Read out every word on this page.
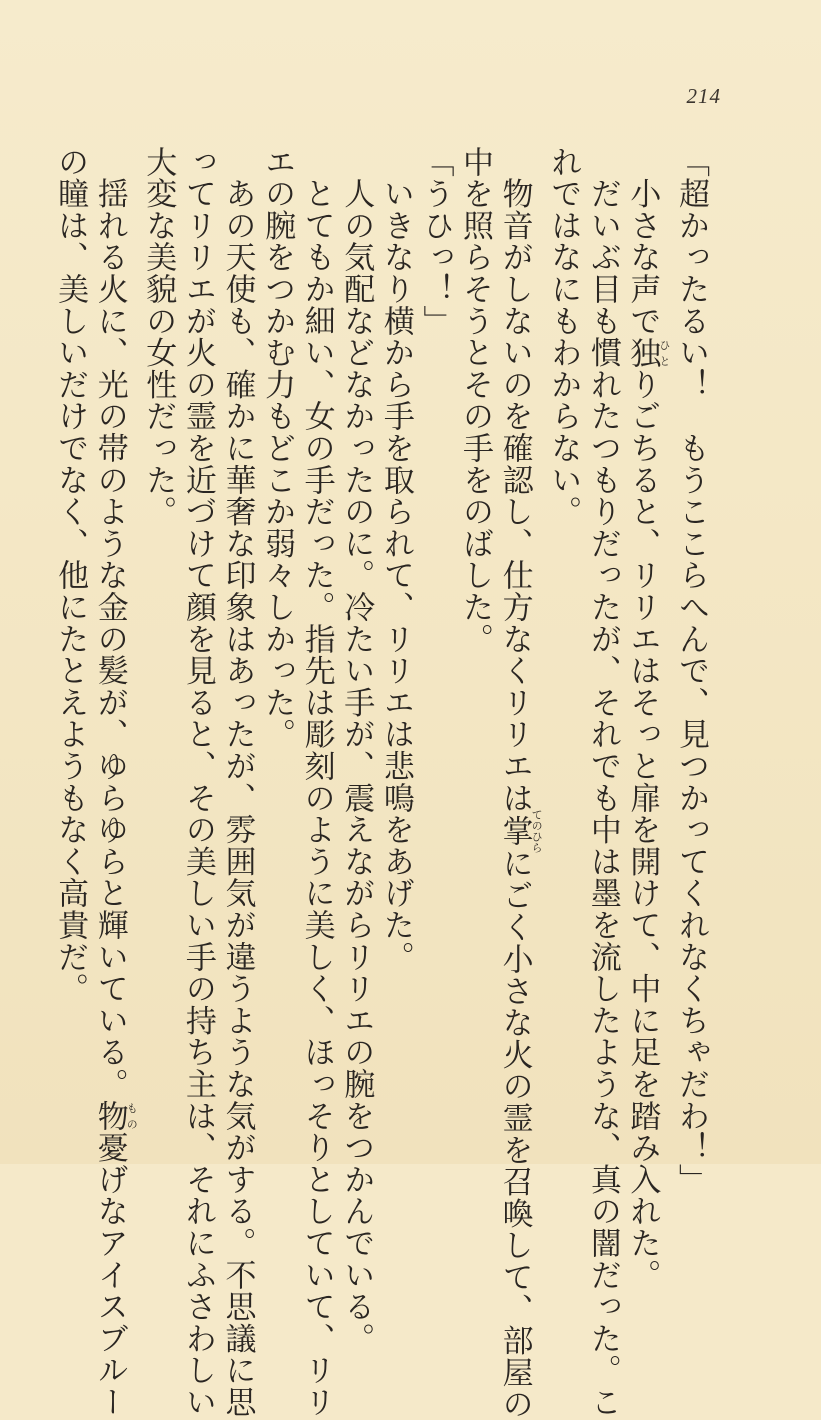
214
「超かったるい！　もうここらへんで、見つかってくれなくちゃだわ！」
　小さな声で独ひとりごちると、リリエはそっと扉を開けて、中に足を踏み入れた。
　だいぶ目も慣れたつもりだったが、それでも中は墨を流したような、真の闇だった。こ
れではなにもわからない。
　物音がしないのを確認し、仕方なくリリエは掌てのひらにごく小さな火の霊を召喚して、部屋の
中を照らそうとその手をのばした。
「うひっ！」
　いきなり横から手を取られて、リリエは悲鳴をあげた。
　人の気配などなかったのに。冷たい手が、震えながらリリエの腕をつかんでいる。
　とてもか細い、女の手だった。指先は彫刻のように美しく、ほっそりとしていて、リリ
エの腕をつかむ力もどこか弱々しかった。
　あの天使も、確かに華奢な印象はあったが、雰囲気が違うような気がする。不思議に思
ってリリエが火の霊を近づけて顔を見ると、その美しい手の持ち主は、それにふさわしい
大変な美貌の女性だった。
　揺れる火に、光の帯のような金の髪が、ゆらゆらと輝いている。物もの憂げなアイスブルー
の瞳は、美しいだけでなく、他にたとえようもなく高貴だ。
